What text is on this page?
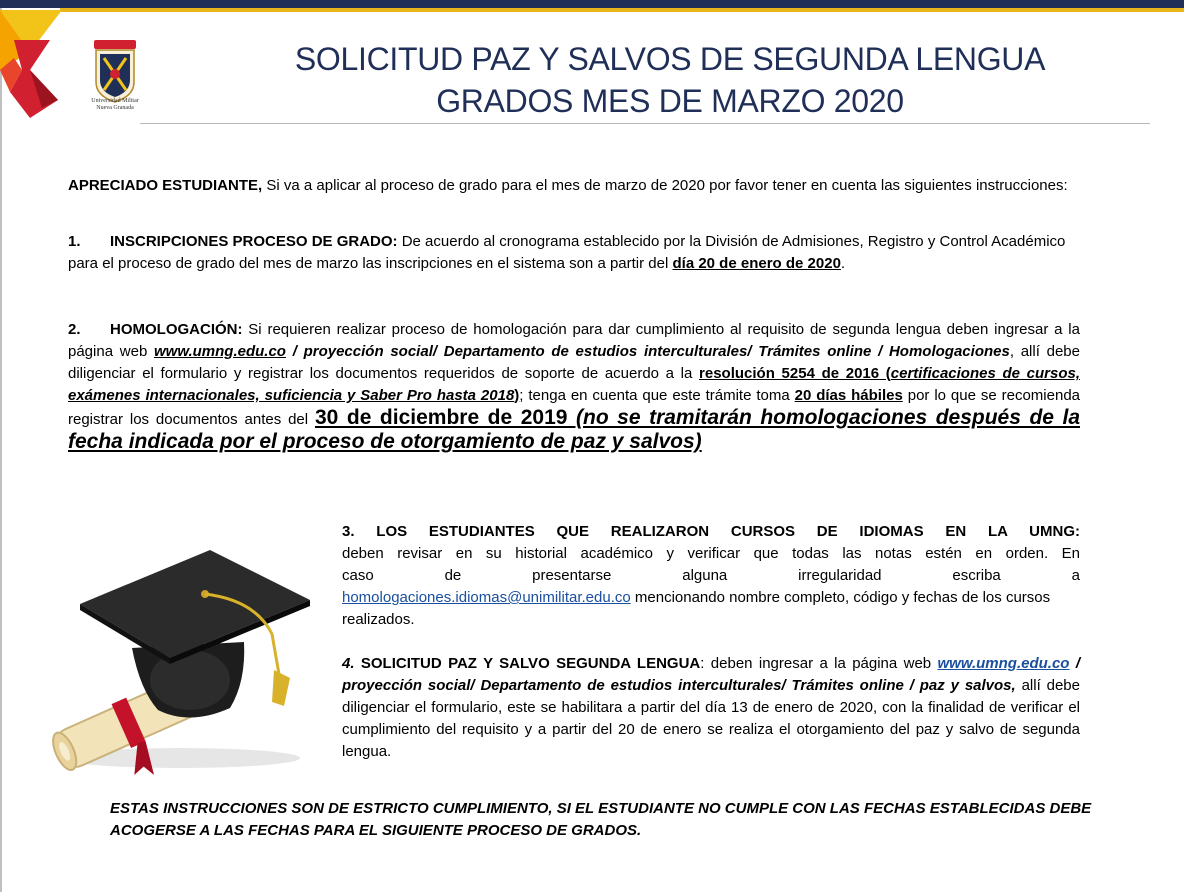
Universidad Militar
Nueva Granada
SOLICITUD PAZ Y SALVOS DE SEGUNDA LENGUA
GRADOS MES DE MARZO 2020

APRECIADO ESTUDIANTE, Si va a aplicar al proceso de grado para el mes de marzo de 2020 por favor tener en cuenta las siguientes instrucciones:

1. INSCRIPCIONES PROCESO DE GRADO: De acuerdo al cronograma establecido por la División de Admisiones, Registro y Control Académico para el proceso de grado del mes de marzo las inscripciones en el sistema son a partir del día 20 de enero de 2020.

2. HOMOLOGACIÓN: Si requieren realizar proceso de homologación para dar cumplimiento al requisito de segunda lengua deben ingresar a la página web www.umng.edu.co / proyección social/ Departamento de estudios interculturales/ Trámites online / Homologaciones, allí debe diligenciar el formulario y registrar los documentos requeridos de soporte de acuerdo a la resolución 5254 de 2016 (certificaciones de cursos, exámenes internacionales, suficiencia y Saber Pro hasta 2018); tenga en cuenta que este trámite toma 20 días hábiles por lo que se recomienda registrar los documentos antes del 30 de diciembre de 2019 (no se tramitarán homologaciones después de la fecha indicada por el proceso de otorgamiento de paz y salvos)

3. LOS ESTUDIANTES QUE REALIZARON CURSOS DE IDIOMAS EN LA UMNG:
deben revisar en su historial académico y verificar que todas las notas estén en orden. En
caso de presentarse alguna irregularidad escriba a
homologaciones.idiomas@unimilitar.edu.co mencionando nombre completo, código y fechas de los cursos realizados.

4. SOLICITUD PAZ Y SALVO SEGUNDA LENGUA: deben ingresar a la página web www.umng.edu.co / proyección social/ Departamento de estudios interculturales/ Trámites online / paz y salvos, allí debe diligenciar el formulario, este se habilitara a partir del día 13 de enero de 2020, con la finalidad de verificar el cumplimiento del requisito y a partir del 20 de enero se realiza el otorgamiento del paz y salvo de segunda lengua.

ESTAS INSTRUCCIONES SON DE ESTRICTO CUMPLIMIENTO, SI EL ESTUDIANTE NO CUMPLE CON LAS FECHAS ESTABLECIDAS DEBE ACOGERSE A LAS FECHAS PARA EL SIGUIENTE PROCESO DE GRADOS.
